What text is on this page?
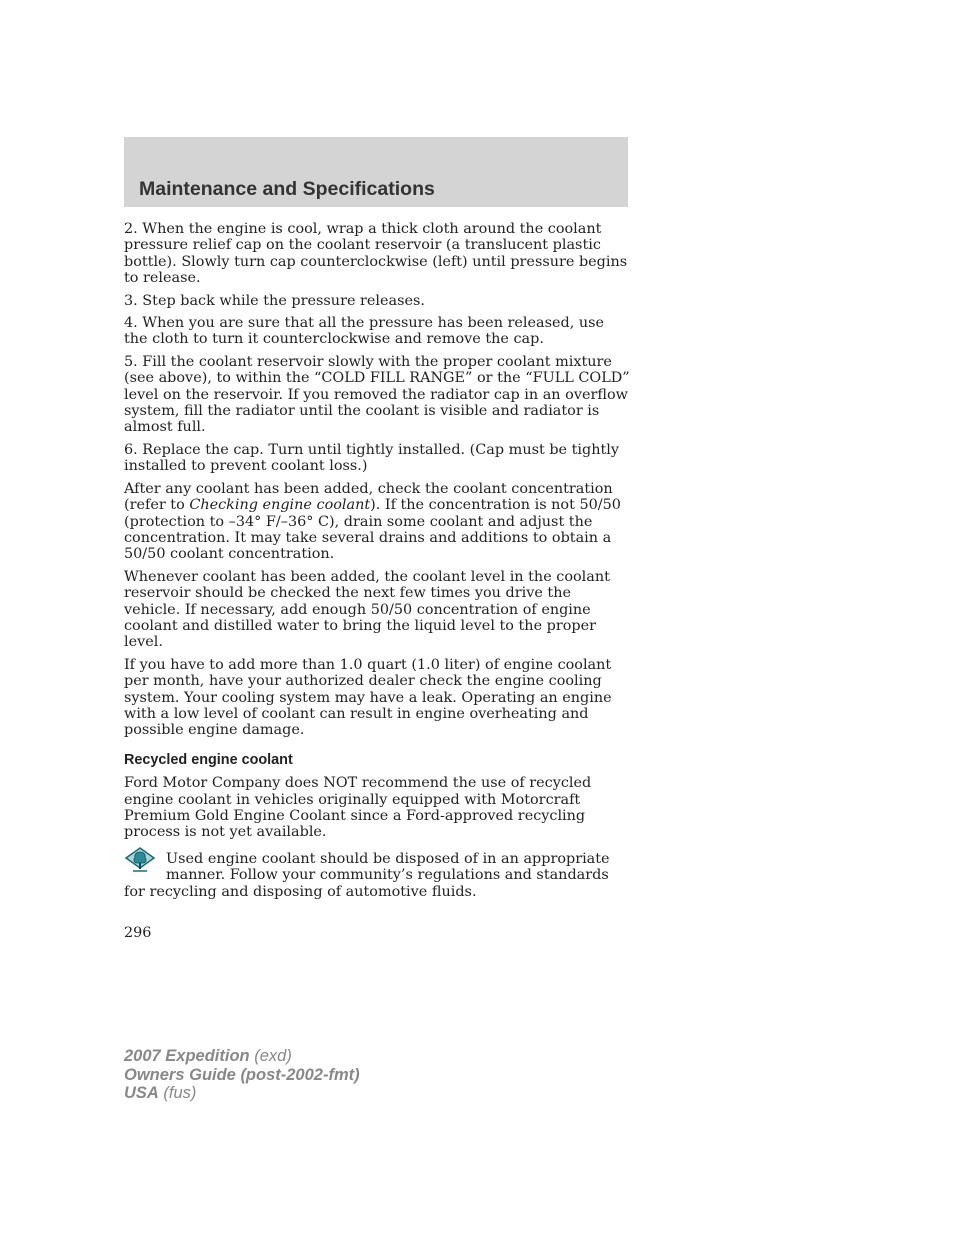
Maintenance and Specifications

2. When the engine is cool, wrap a thick cloth around the coolant pressure relief cap on the coolant reservoir (a translucent plastic bottle). Slowly turn cap counterclockwise (left) until pressure begins to release.

3. Step back while the pressure releases.

4. When you are sure that all the pressure has been released, use the cloth to turn it counterclockwise and remove the cap.

5. Fill the coolant reservoir slowly with the proper coolant mixture (see above), to within the “COLD FILL RANGE” or the “FULL COLD” level on the reservoir. If you removed the radiator cap in an overflow system, fill the radiator until the coolant is visible and radiator is almost full.

6. Replace the cap. Turn until tightly installed. (Cap must be tightly installed to prevent coolant loss.)

After any coolant has been added, check the coolant concentration (refer to Checking engine coolant). If the concentration is not 50/50 (protection to –34° F/–36° C), drain some coolant and adjust the concentration. It may take several drains and additions to obtain a 50/50 coolant concentration.

Whenever coolant has been added, the coolant level in the coolant reservoir should be checked the next few times you drive the vehicle. If necessary, add enough 50/50 concentration of engine coolant and distilled water to bring the liquid level to the proper level.

If you have to add more than 1.0 quart (1.0 liter) of engine coolant per month, have your authorized dealer check the engine cooling system. Your cooling system may have a leak. Operating an engine with a low level of coolant can result in engine overheating and possible engine damage.

Recycled engine coolant

Ford Motor Company does NOT recommend the use of recycled engine coolant in vehicles originally equipped with Motorcraft Premium Gold Engine Coolant since a Ford-approved recycling process is not yet available.

Used engine coolant should be disposed of in an appropriate manner. Follow your community’s regulations and standards for recycling and disposing of automotive fluids.
296
2007 Expedition (exd)
Owners Guide (post-2002-fmt)
USA (fus)
